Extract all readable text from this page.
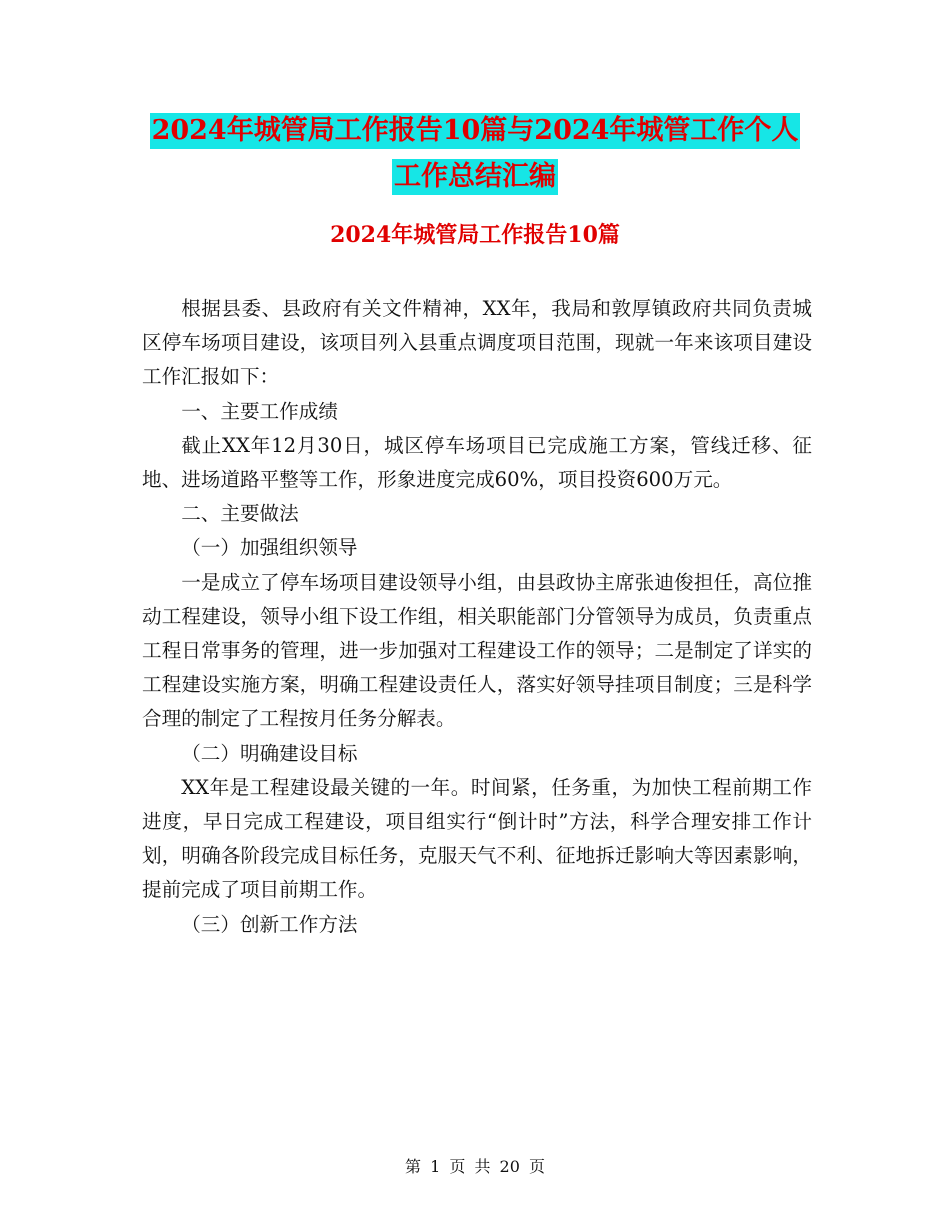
2024年城管局工作报告10篇与2024年城管工作个人
工作总结汇编
2024年城管局工作报告10篇

根据县委、县政府有关文件精神，XX年，我局和敦厚镇政府共同负责城区停车场项目建设，该项目列入县重点调度项目范围，现就一年来该项目建设工作汇报如下：

一、主要工作成绩

截止XX年12月30日，城区停车场项目已完成施工方案，管线迁移、征地、进场道路平整等工作，形象进度完成60%，项目投资600万元。

二、主要做法

（一）加强组织领导

一是成立了停车场项目建设领导小组，由县政协主席张迪俊担任，高位推动工程建设，领导小组下设工作组，相关职能部门分管领导为成员，负责重点工程日常事务的管理，进一步加强对工程建设工作的领导；二是制定了详实的工程建设实施方案，明确工程建设责任人，落实好领导挂项目制度；三是科学合理的制定了工程按月任务分解表。

（二）明确建设目标

XX年是工程建设最关键的一年。时间紧，任务重，为加快工程前期工作进度，早日完成工程建设，项目组实行“倒计时”方法，科学合理安排工作计划，明确各阶段完成目标任务，克服天气不利、征地拆迁影响大等因素影响，提前完成了项目前期工作。

（三）创新工作方法

第 1 页 共 20 页
